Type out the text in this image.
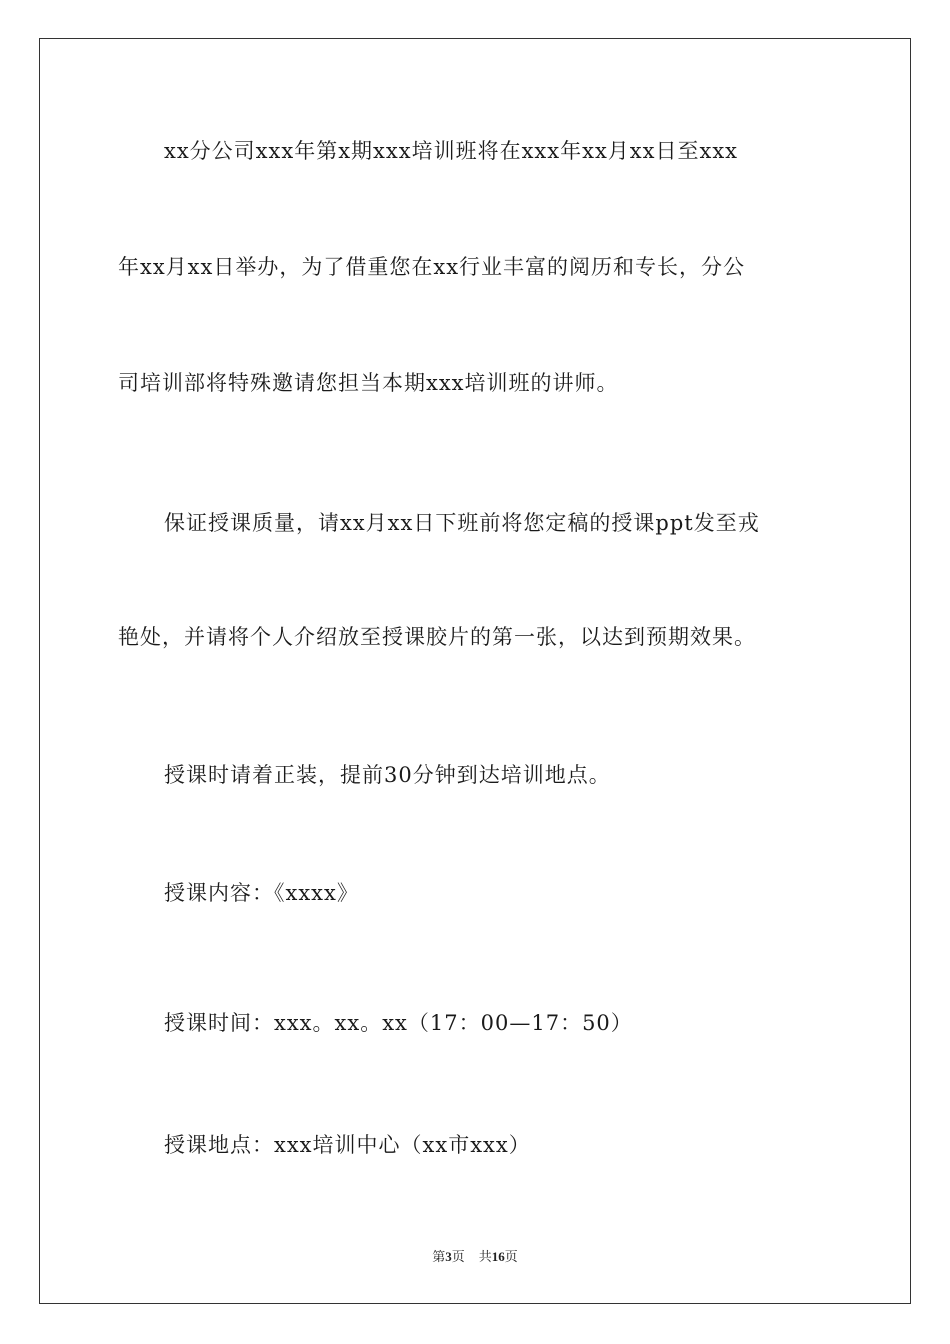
xx分公司xxx年第x期xxx培训班将在xxx年xx月xx日至xxx
年xx月xx日举办，为了借重您在xx行业丰富的阅历和专长，分公
司培训部将特殊邀请您担当本期xxx培训班的讲师。
保证授课质量，请xx月xx日下班前将您定稿的授课ppt发至戎
艳处，并请将个人介绍放至授课胶片的第一张，以达到预期效果。
授课时请着正装，提前30分钟到达培训地点。
授课内容：《xxxx》
授课时间：xxx。xx。xx（17：00—17：50）
授课地点：xxx培训中心（xx市xxx）
第3页 共16页
